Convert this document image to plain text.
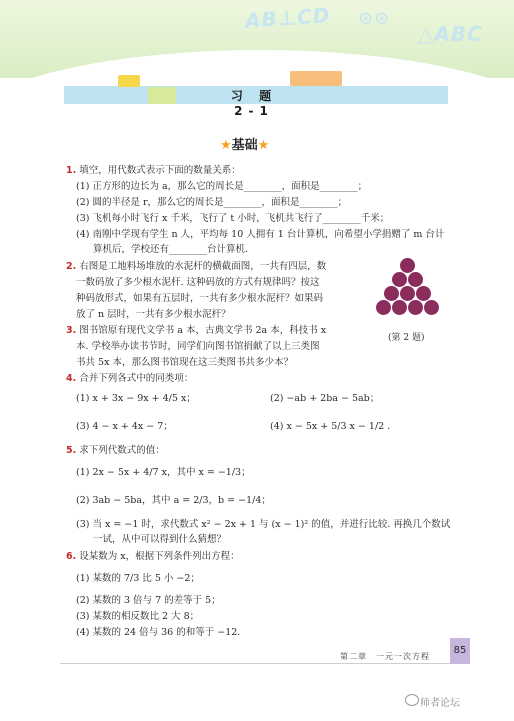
AB⊥CD ⊙⊙
△ABC
习 题 2-1
★基础★
1. 填空，用代数式表示下面的数量关系：
(1) 正方形的边长为 a，那么它的周长是________，面积是________；
(2) 圆的半径是 r，那么它的周长是________，面积是________；
(3) 飞机每小时飞行 x 千米，飞行了 t 小时，飞机共飞行了________千米；
(4) 南刚中学现有学生 n 人，平均每 10 人拥有 1 台计算机，向希望小学捐赠了 m 台计
算机后，学校还有________台计算机.
2. 右图是工地料场堆放的水泥杆的横截面图，一共有四层，数
一数码放了多少根水泥杆. 这种码放的方式有规律吗？按这
种码放形式，如果有五层时，一共有多少根水泥杆？如果码
放了 n 层时，一共有多少根水泥杆？
(第 2 题)
3. 图书馆原有现代文学书 a 本，古典文学书 2a 本，科技书 x
本. 学校举办读书节时，同学们向图书馆捐献了以上三类图
书共 5x 本，那么图书馆现在这三类图书共多少本？
4. 合并下列各式中的同类项：
(1) x + 3x − 9x + 4/5 x；	(2) −ab + 2ba − 5ab；
(3) 4 − x + 4x − 7；	(4) x − 5x + 5/3 x − 1/2 .
5. 求下列代数式的值：
(1) 2x − 5x + 4/7 x，其中 x = −1/3；
(2) 3ab − 5ba，其中 a = 2/3，b = −1/4；
(3) 当 x = −1 时，求代数式 x² − 2x + 1 与 (x − 1)² 的值，并进行比较. 再换几个数试
一试，从中可以得到什么猜想？
6. 设某数为 x，根据下列条件列出方程：
(1) 某数的 7/3 比 5 小 −2；
(2) 某数的 3 倍与 7 的差等于 5；
(3) 某数的相反数比 2 大 8；
(4) 某数的 24 倍与 36 的和等于 −12.
第二章　一元一次方程
85
师者论坛
